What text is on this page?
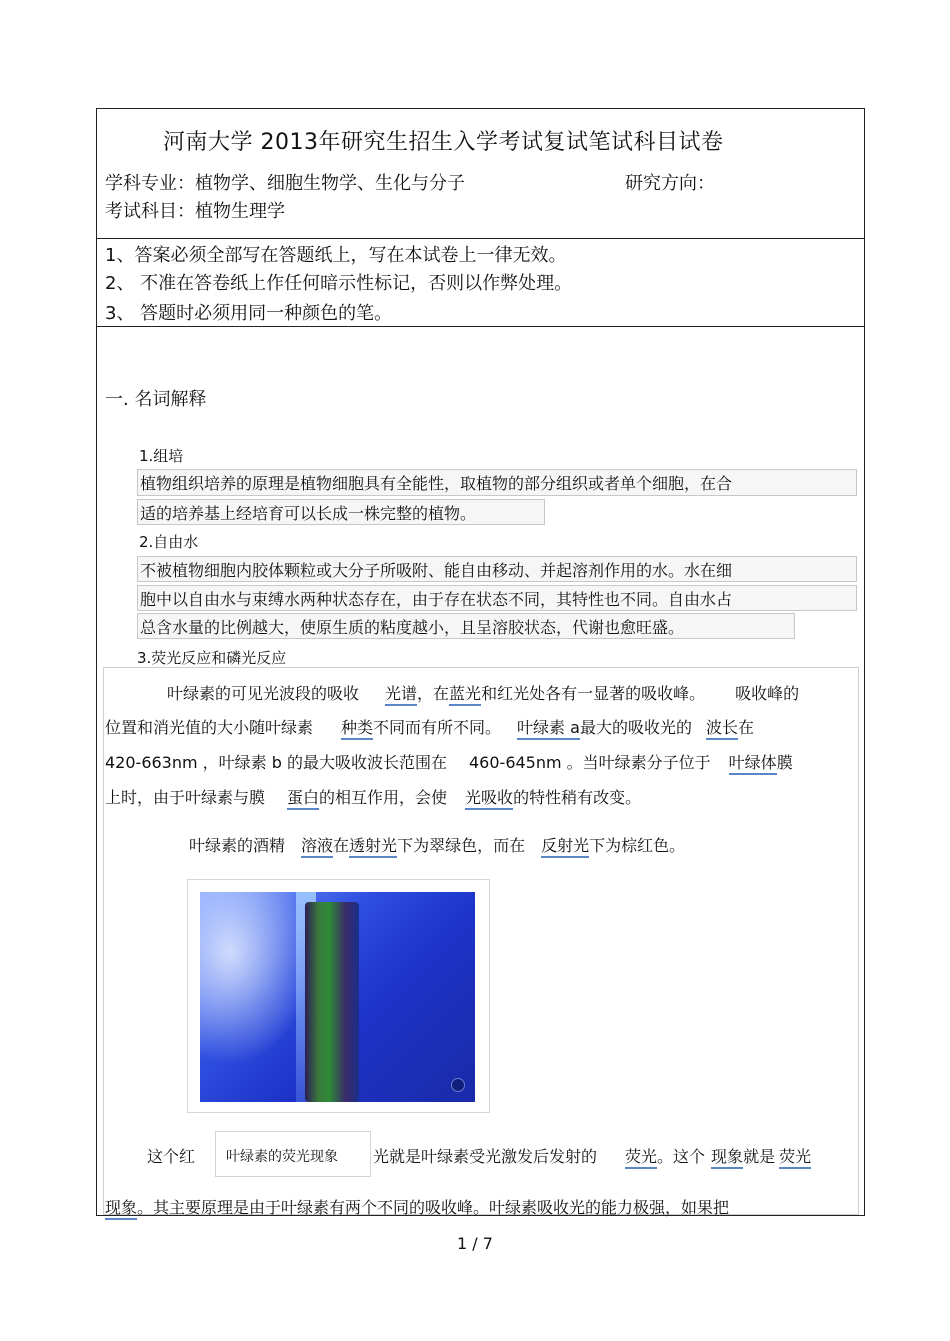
河南大学 2013年研究生招生入学考试复试笔试科目试卷
学科专业：植物学、细胞生物学、生化与分子	研究方向：
考试科目：植物生理学
1、答案必须全部写在答题纸上，写在本试卷上一律无效。
2、 不准在答卷纸上作任何暗示性标记，否则以作弊处理。
3、 答题时必须用同一种颜色的笔。
一. 名词解释
1.组培
植物组织培养的原理是植物细胞具有全能性，取植物的部分组织或者单个细胞，在合
适的培养基上经培育可以长成一株完整的植物。
2.自由水
不被植物细胞内胶体颗粒或大分子所吸附、能自由移动、并起溶剂作用的水。水在细
胞中以自由水与束缚水两种状态存在，由于存在状态不同，其特性也不同。自由水占
总含水量的比例越大，使原生质的粘度越小，且呈溶胶状态，代谢也愈旺盛。
3.荧光反应和磷光反应
叶绿素的可见光波段的吸收 光谱，在蓝光和红光处各有一显著的吸收峰。 吸收峰的
位置和消光值的大小随叶绿素 种类不同而有所不同。 叶绿素 a最大的吸收光的 波长在
420-663nm ，叶绿素 b 的最大吸收波长范围在 460-645nm 。当叶绿素分子位于 叶绿体膜
上时，由于叶绿素与膜 蛋白的相互作用，会使 光吸收的特性稍有改变。
叶绿素的酒精 溶液在透射光下为翠绿色，而在 反射光下为棕红色。
这个红 叶绿素的荧光现象 光就是叶绿素受光激发后发射的 荧光。这个 现象就是 荧光
现象。其主要原理是由于叶绿素有两个不同的吸收峰。叶绿素吸收光的能力极强，如果把
1 / 7
